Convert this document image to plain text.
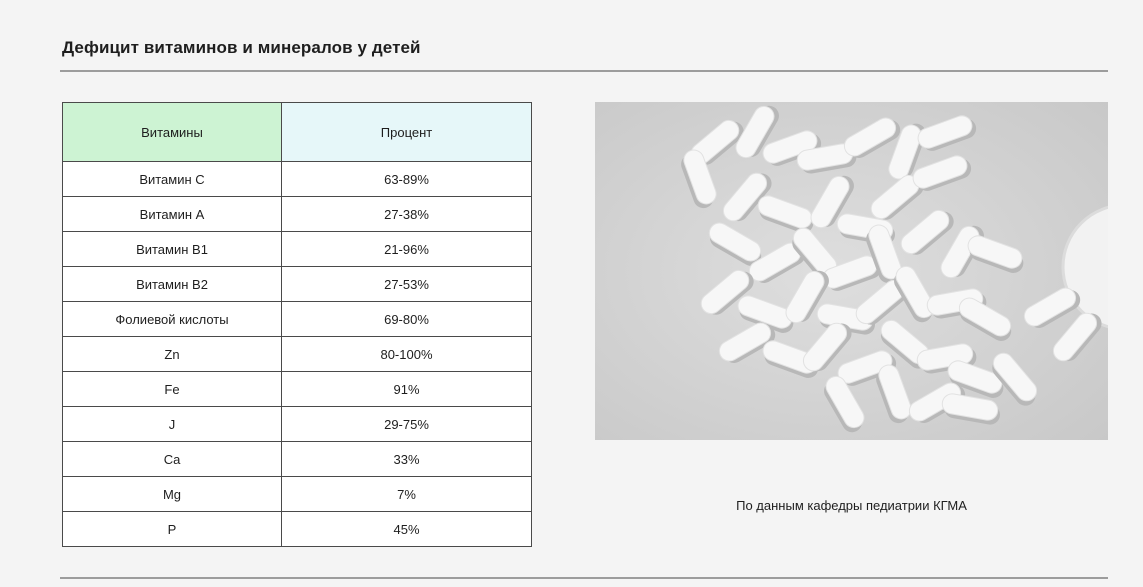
Дефицит витаминов и минералов у детей
Витамины	Процент
Витамин C	63-89%
Витамин A	27-38%
Витамин B1	21-96%
Витамин B2	27-53%
Фолиевой кислоты	69-80%
Zn	80-100%
Fe	91%
J	29-75%
Ca	33%
Mg	7%
P	45%
По данным кафедры педиатрии КГМА
